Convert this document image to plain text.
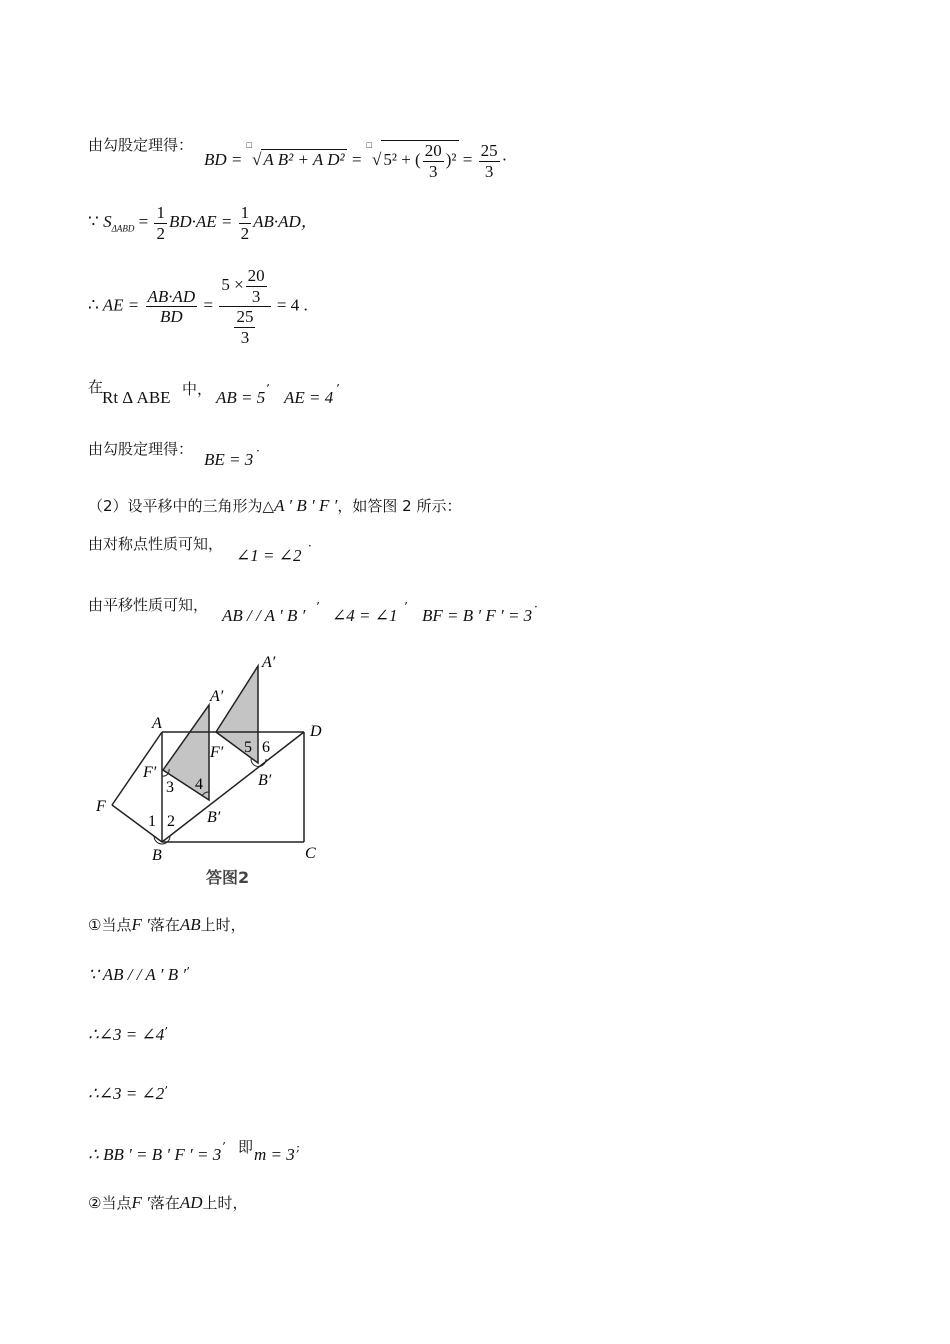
由勾股定理得：
BD = □√ A B² + A D² = □√ 5² + ( $\frac{20}{3} )^2 = \frac{25}{3}$ ·
∵ $S_{\Delta ABD} = \frac{1}{2} BD\cdot AE = \frac{1}{2} AB\cdot AD$，
∴ AE = $\frac{AB\cdot AD}{BD} = \frac{5 \times \frac{20}{3}}{\frac{25}{3}} = 4$ .
在
Rt Δ ABE 中， AB = 5 ’ AE = 4 ’
由勾股定理得：
BE = 3 ·
（2）设平移中的三角形为△A ′ B ′ F ′，如答图 2 所示：
由对称点性质可知，
∠1 = ∠2 ·
由平移性质可知，
AB / / A ′ B ′ ’ ∠4 = ∠1 ’ BF = B ′ F ′ = 3 ·
A	D
B	C
F
A′
A′
F′
F′
B′
B′
1 2
3 4
5 6
答图2
①当点F ′落在AB上时，
∵ AB / / A ′ B ′’
∴∠3 = ∠4’
∴∠3 = ∠2’
∴ BB ′ = B ′ F ′ = 3 ’ 即 m = 3 ;
②当点F ′落在AD上时，
